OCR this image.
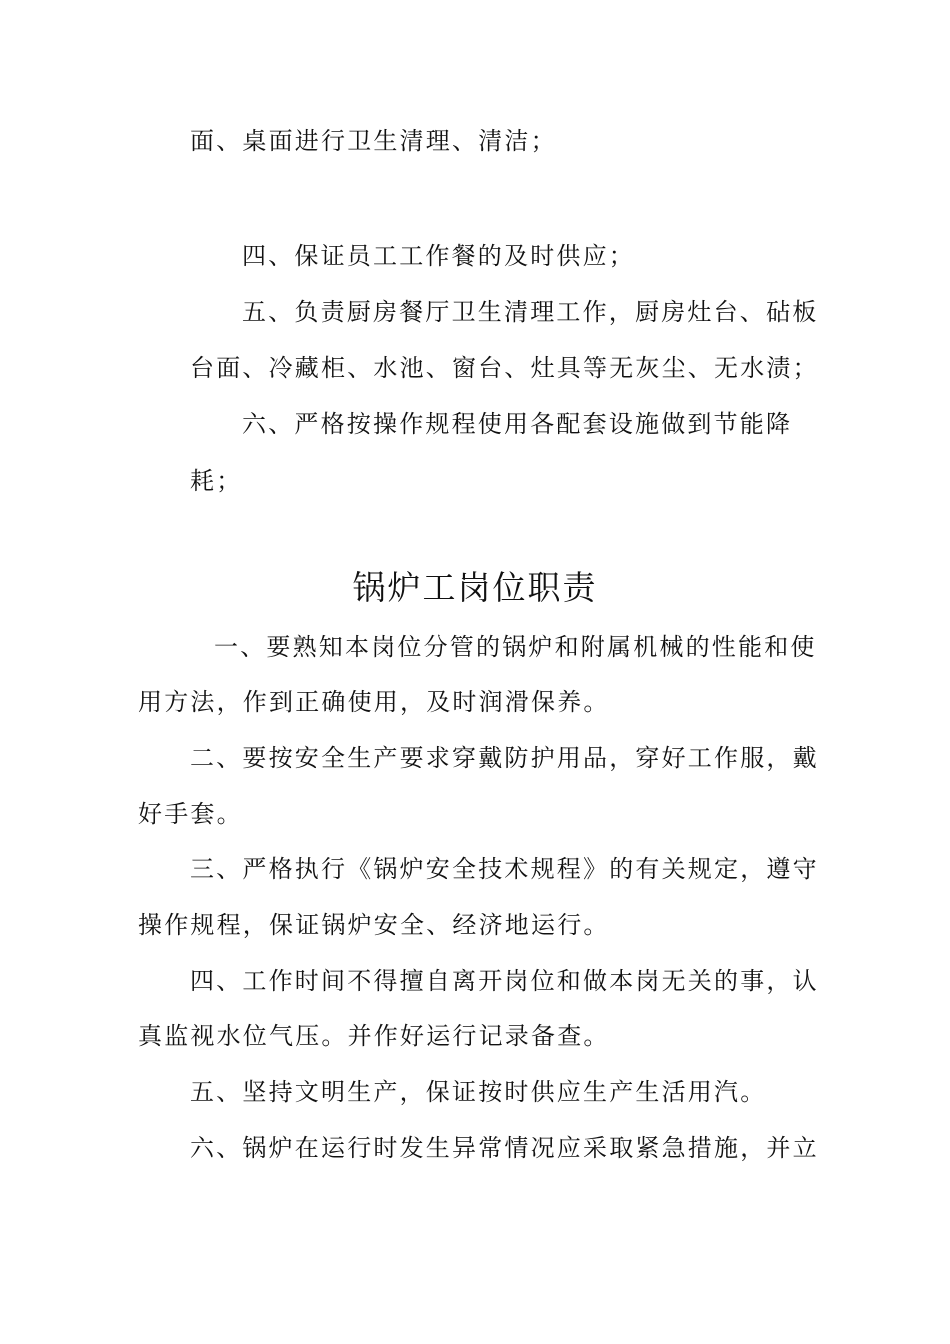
面、桌面进行卫生清理、清洁；
四、保证员工工作餐的及时供应；
五、负责厨房餐厅卫生清理工作，厨房灶台、砧板
台面、冷藏柜、水池、窗台、灶具等无灰尘、无水渍；
六、严格按操作规程使用各配套设施做到节能降
耗；
锅炉工岗位职责
一、要熟知本岗位分管的锅炉和附属机械的性能和使
用方法，作到正确使用，及时润滑保养。
二、要按安全生产要求穿戴防护用品，穿好工作服，戴
好手套。
三、严格执行《锅炉安全技术规程》的有关规定，遵守
操作规程，保证锅炉安全、经济地运行。
四、工作时间不得擅自离开岗位和做本岗无关的事，认
真监视水位气压。并作好运行记录备查。
五、坚持文明生产，保证按时供应生产生活用汽。
六、锅炉在运行时发生异常情况应采取紧急措施，并立
